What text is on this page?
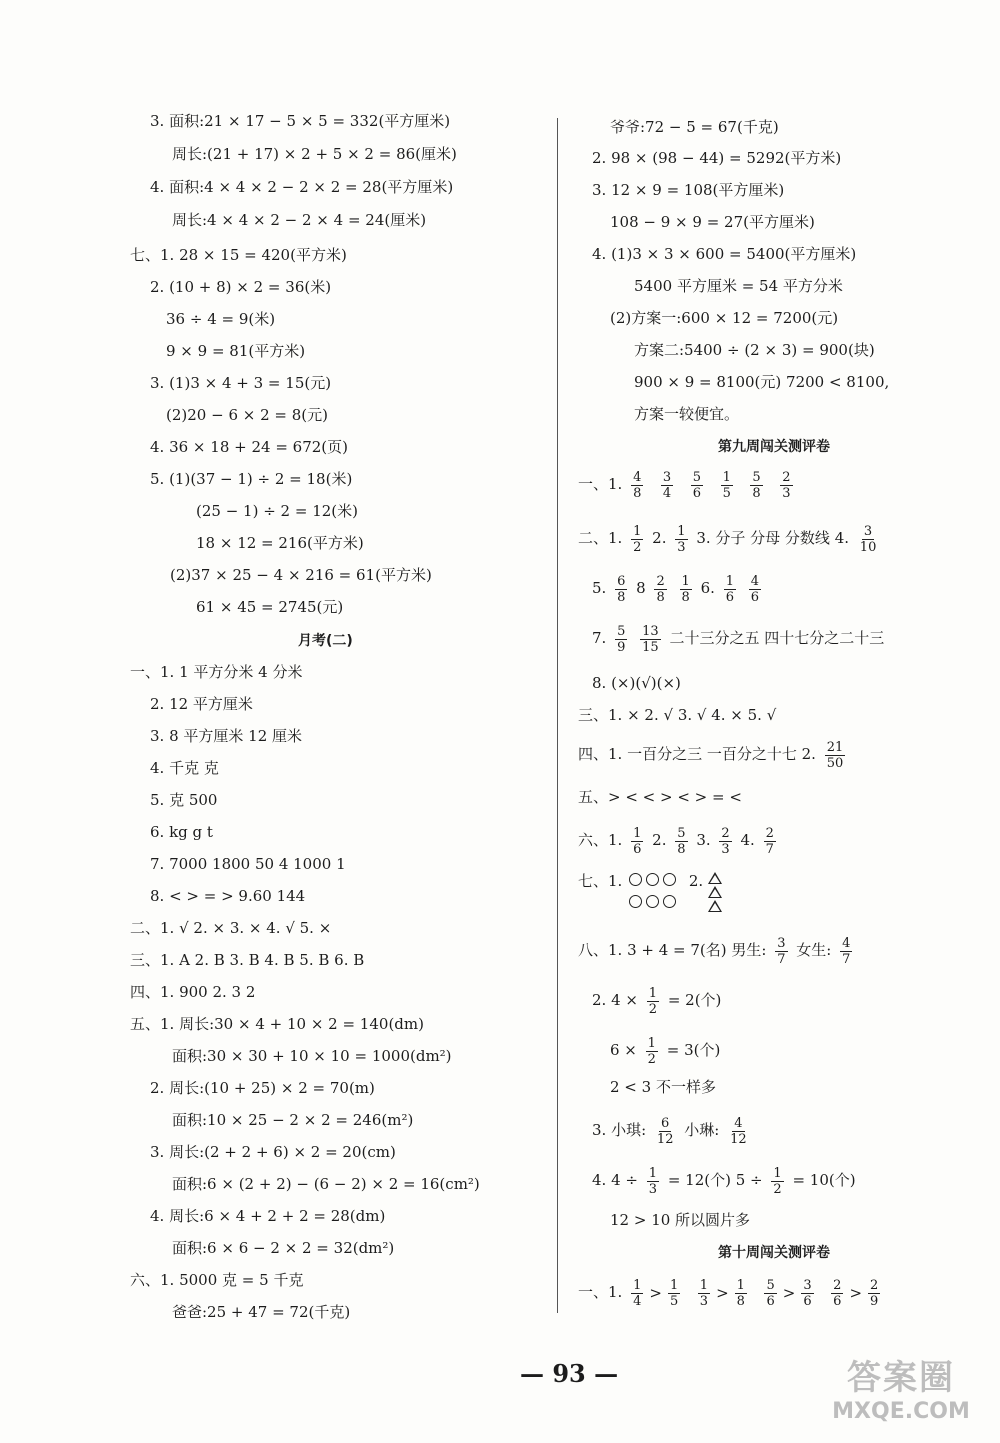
3. 面积:21 × 17 − 5 × 5 = 332(平方厘米)
周长:(21 + 17) × 2 + 5 × 2 = 86(厘米)
4. 面积:4 × 4 × 2 − 2 × 2 = 28(平方厘米)
周长:4 × 4 × 2 − 2 × 4 = 24(厘米)
七、1. 28 × 15 = 420(平方米)
2. (10 + 8) × 2 = 36(米)
36 ÷ 4 = 9(米)
9 × 9 = 81(平方米)
3. (1)3 × 4 + 3 = 15(元)
(2)20 − 6 × 2 = 8(元)
4. 36 × 18 + 24 = 672(页)
5. (1)(37 − 1) ÷ 2 = 18(米)
(25 − 1) ÷ 2 = 12(米)
18 × 12 = 216(平方米)
(2)37 × 25 − 4 × 216 = 61(平方米)
61 × 45 = 2745(元)
月考(二)
一、1. 1 平方分米 4 分米
2. 12 平方厘米
3. 8 平方厘米 12 厘米
4. 千克 克
5. 克 500
6. kg g t
7. 7000 1800 50 4 1000 1
8. < > = > 9.60 144
二、1. √ 2. × 3. × 4. √ 5. ×
三、1. A 2. B 3. B 4. B 5. B 6. B
四、1. 900 2. 3 2
五、1. 周长:30 × 4 + 10 × 2 = 140(dm)
面积:30 × 30 + 10 × 10 = 1000(dm²)
2. 周长:(10 + 25) × 2 = 70(m)
面积:10 × 25 − 2 × 2 = 246(m²)
3. 周长:(2 + 2 + 6) × 2 = 20(cm)
面积:6 × (2 + 2) − (6 − 2) × 2 = 16(cm²)
4. 周长:6 × 4 + 2 + 2 = 28(dm)
面积:6 × 6 − 2 × 2 = 32(dm²)
六、1. 5000 克 = 5 千克
爸爸:25 + 47 = 72(千克)
爷爷:72 − 5 = 67(千克)
2. 98 × (98 − 44) = 5292(平方米)
3. 12 × 9 = 108(平方厘米)
108 − 9 × 9 = 27(平方厘米)
4. (1)3 × 3 × 600 = 5400(平方厘米)
5400 平方厘米 = 54 平方分米
(2)方案一:600 × 12 = 7200(元)
方案二:5400 ÷ (2 × 3) = 900(块)
900 × 9 = 8100(元) 7200 < 8100,
方案一较便宜。
第九周闯关测评卷
一、1. $\frac{4}{8}$
$\frac{3}{4}$
$\frac{5}{6}$
$\frac{1}{5}$
$\frac{5}{8}$
$\frac{2}{3}$
二、1. $\frac{1}{2} 2$. $\frac{1}{3} 3$. 分子 分母 分数线 4. $\frac{3}{10}$
5. $\frac{6}{8} 8 \frac{2}{8}$
$\frac{1}{8} 6$. $\frac{1}{6}$
$\frac{4}{6}$
7. $\frac{5}{9}$
$\frac{13}{15}$ 二十三分之五 四十七分之二十三
8. (×)(√)(×)
三、1. × 2. √ 3. √ 4. × 5. √
四、1. 一百分之三 一百分之十七 2. $\frac{21}{50}$
五、> < < > < > = <
六、1. $\frac{1}{6} 2$. $\frac{5}{8} 3$. $\frac{2}{3} 4$. $\frac{2}{7}$
七、1.	2.
八、1. 3 + 4 = 7(名) 男生: $\frac{3}{7}$ 女生: $\frac{4}{7}$
2. $4 \times \frac{1}{2} = 2$(个)
$6 \times \frac{1}{2} = 3$(个)
2 < 3 不一样多
3. 小琪: $\frac{6}{12}$ 小琳: $\frac{4}{12}$
4. $4 \div \frac{1}{3} = 12$(个) $5 \div \frac{1}{2} = 10$(个)
12 > 10 所以圆片多
第十周闯关测评卷
一、1. $\frac{1}{4} > \frac{1}{5}$
$\frac{1}{3} > \frac{1}{8}$
$\frac{5}{6} > \frac{3}{6}$
$\frac{2}{6} > \frac{2}{9}$
— 93 —	答案圈
MXQE.COM
